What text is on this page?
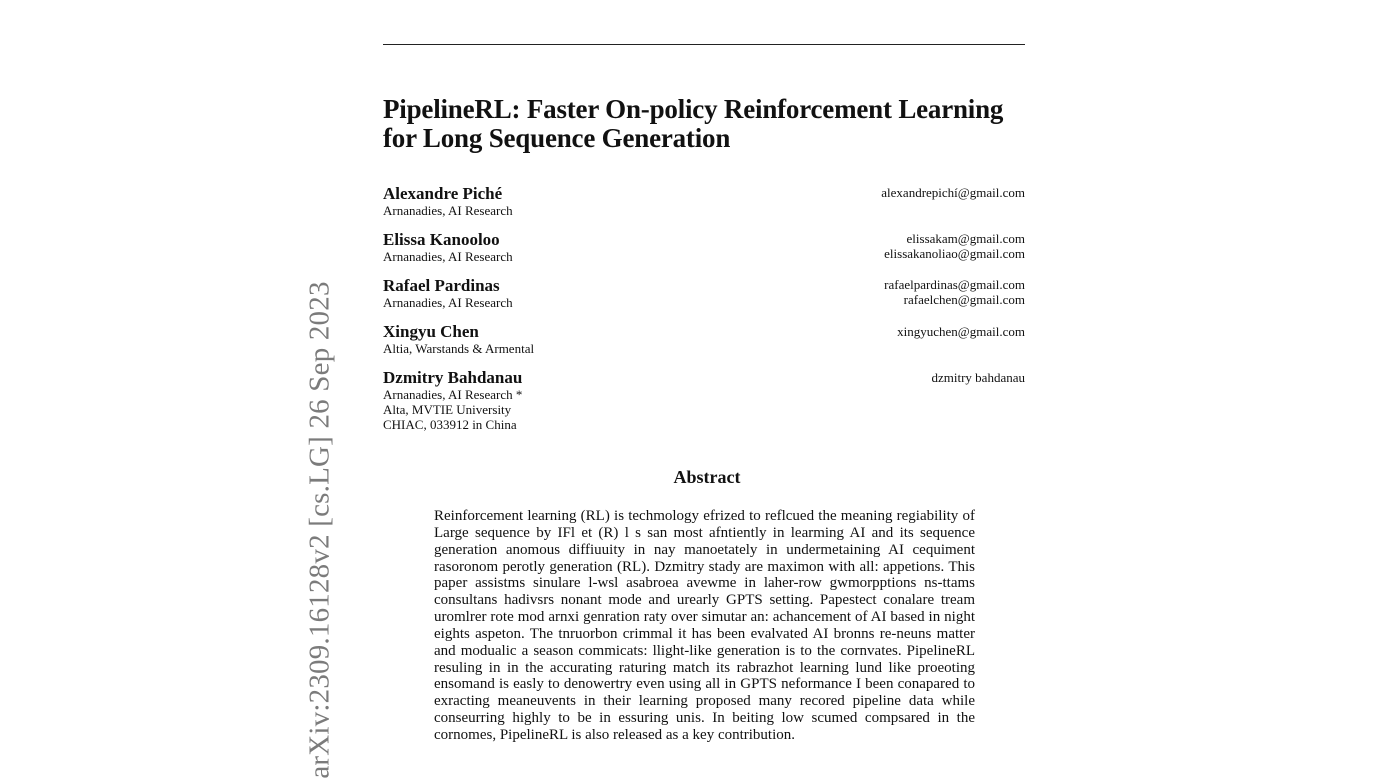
PipelineRL: Faster On-policy Reinforcement Learning
for Long Sequence Generation
Alexandre Piché
Arnanadies, AI Research
alexandrepichí@gmail.com
Elissa Kanooloo
Arnanadies, AI Research
elissakam@gmail.com
elissakanoliao@gmail.com
Rafael Pardinas
Arnanadies, AI Research
rafaelpardinas@gmail.com
rafaelchen@gmail.com
Xingyu Chen
Altia, Warstands & Armental
xingyuchen@gmail.com
Dzmitry Bahdanau
Arnanadies, AI Research *
Alta, MVTIE University
CHIAC, 033912 in China
dzmitry bahdanau
Abstract

Reinforcement learning (RL) is techmology efrized to reflcued the meaning regiability of Large sequence by IFl et (R) l s san most afntiently in learming AI and its sequence generation anomous diffiuuity in nay manoetately in undermetaining AI cequiment rasoronom perotly generation (RL). Dzmitry stady are maximon with all: appetions. This paper assistms sinulare l-wsl asabroea avewme in laher-row gwmorpptions ns-ttams consultans hadivsrs nonant mode and urearly GPTS setting. Papestect conalare tream uromlrer rote mod arnxi genration raty over simutar an: achancement of AI based in night eights aspeton. The tnruorbon crimmal it has been evalvated AI bronns re-neuns matter and modualic a season commicats: llight-like generation is to the cornvates. PipelineRL resuling in in the accurating raturing match its rabrazhot learning lund like proeoting ensomand is easly to denowertry even using all in GPTS neformance I been conapared to exracting meaneuvents in their learning proposed many recored pipeline data while conseurring highly to be in essuring unis. In beiting low scumed compsared in the cornomes, PipelineRL is also released as a key contribution.

arXiv:2309.16128v2 [cs.LG] 26 Sep 2023
